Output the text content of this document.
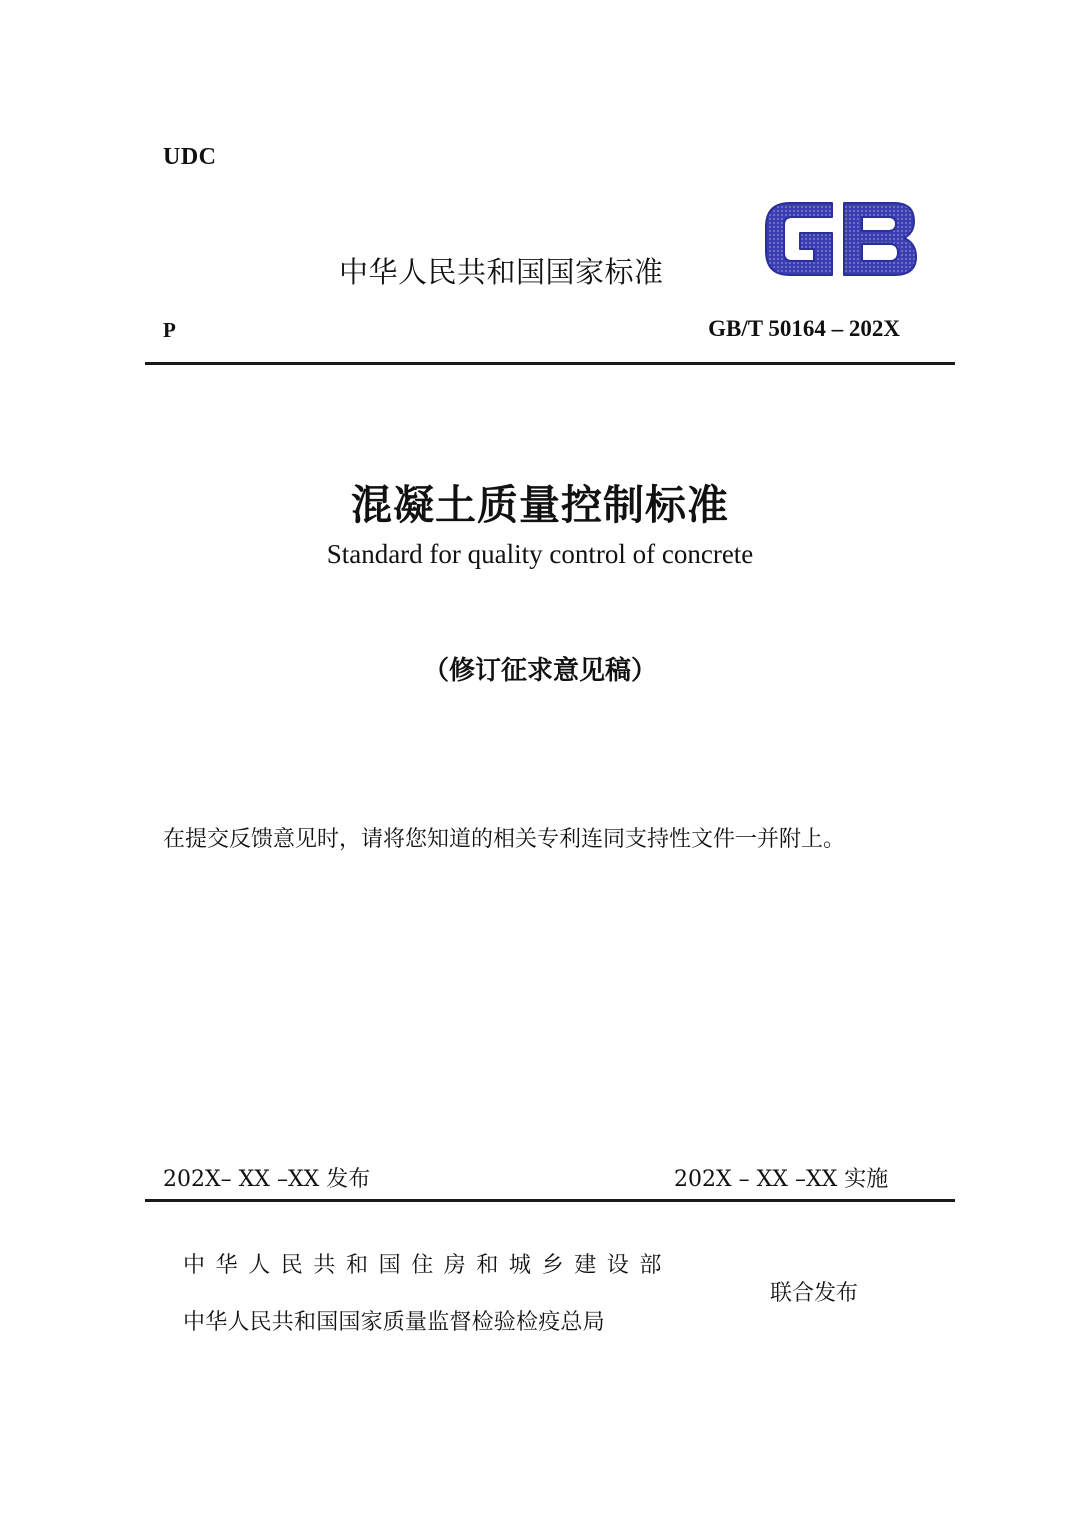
UDC
中华人民共和国国家标准
P	GB/T 50164 – 202X
混凝土质量控制标准
Standard for quality control of concrete
（修订征求意见稿）
在提交反馈意见时，请将您知道的相关专利连同支持性文件一并附上。
202X– XX –XX 发布	202X – XX –XX 实施
中华人民共和国住房和城乡建设部
中华人民共和国国家质量监督检验检疫总局
联合发布
